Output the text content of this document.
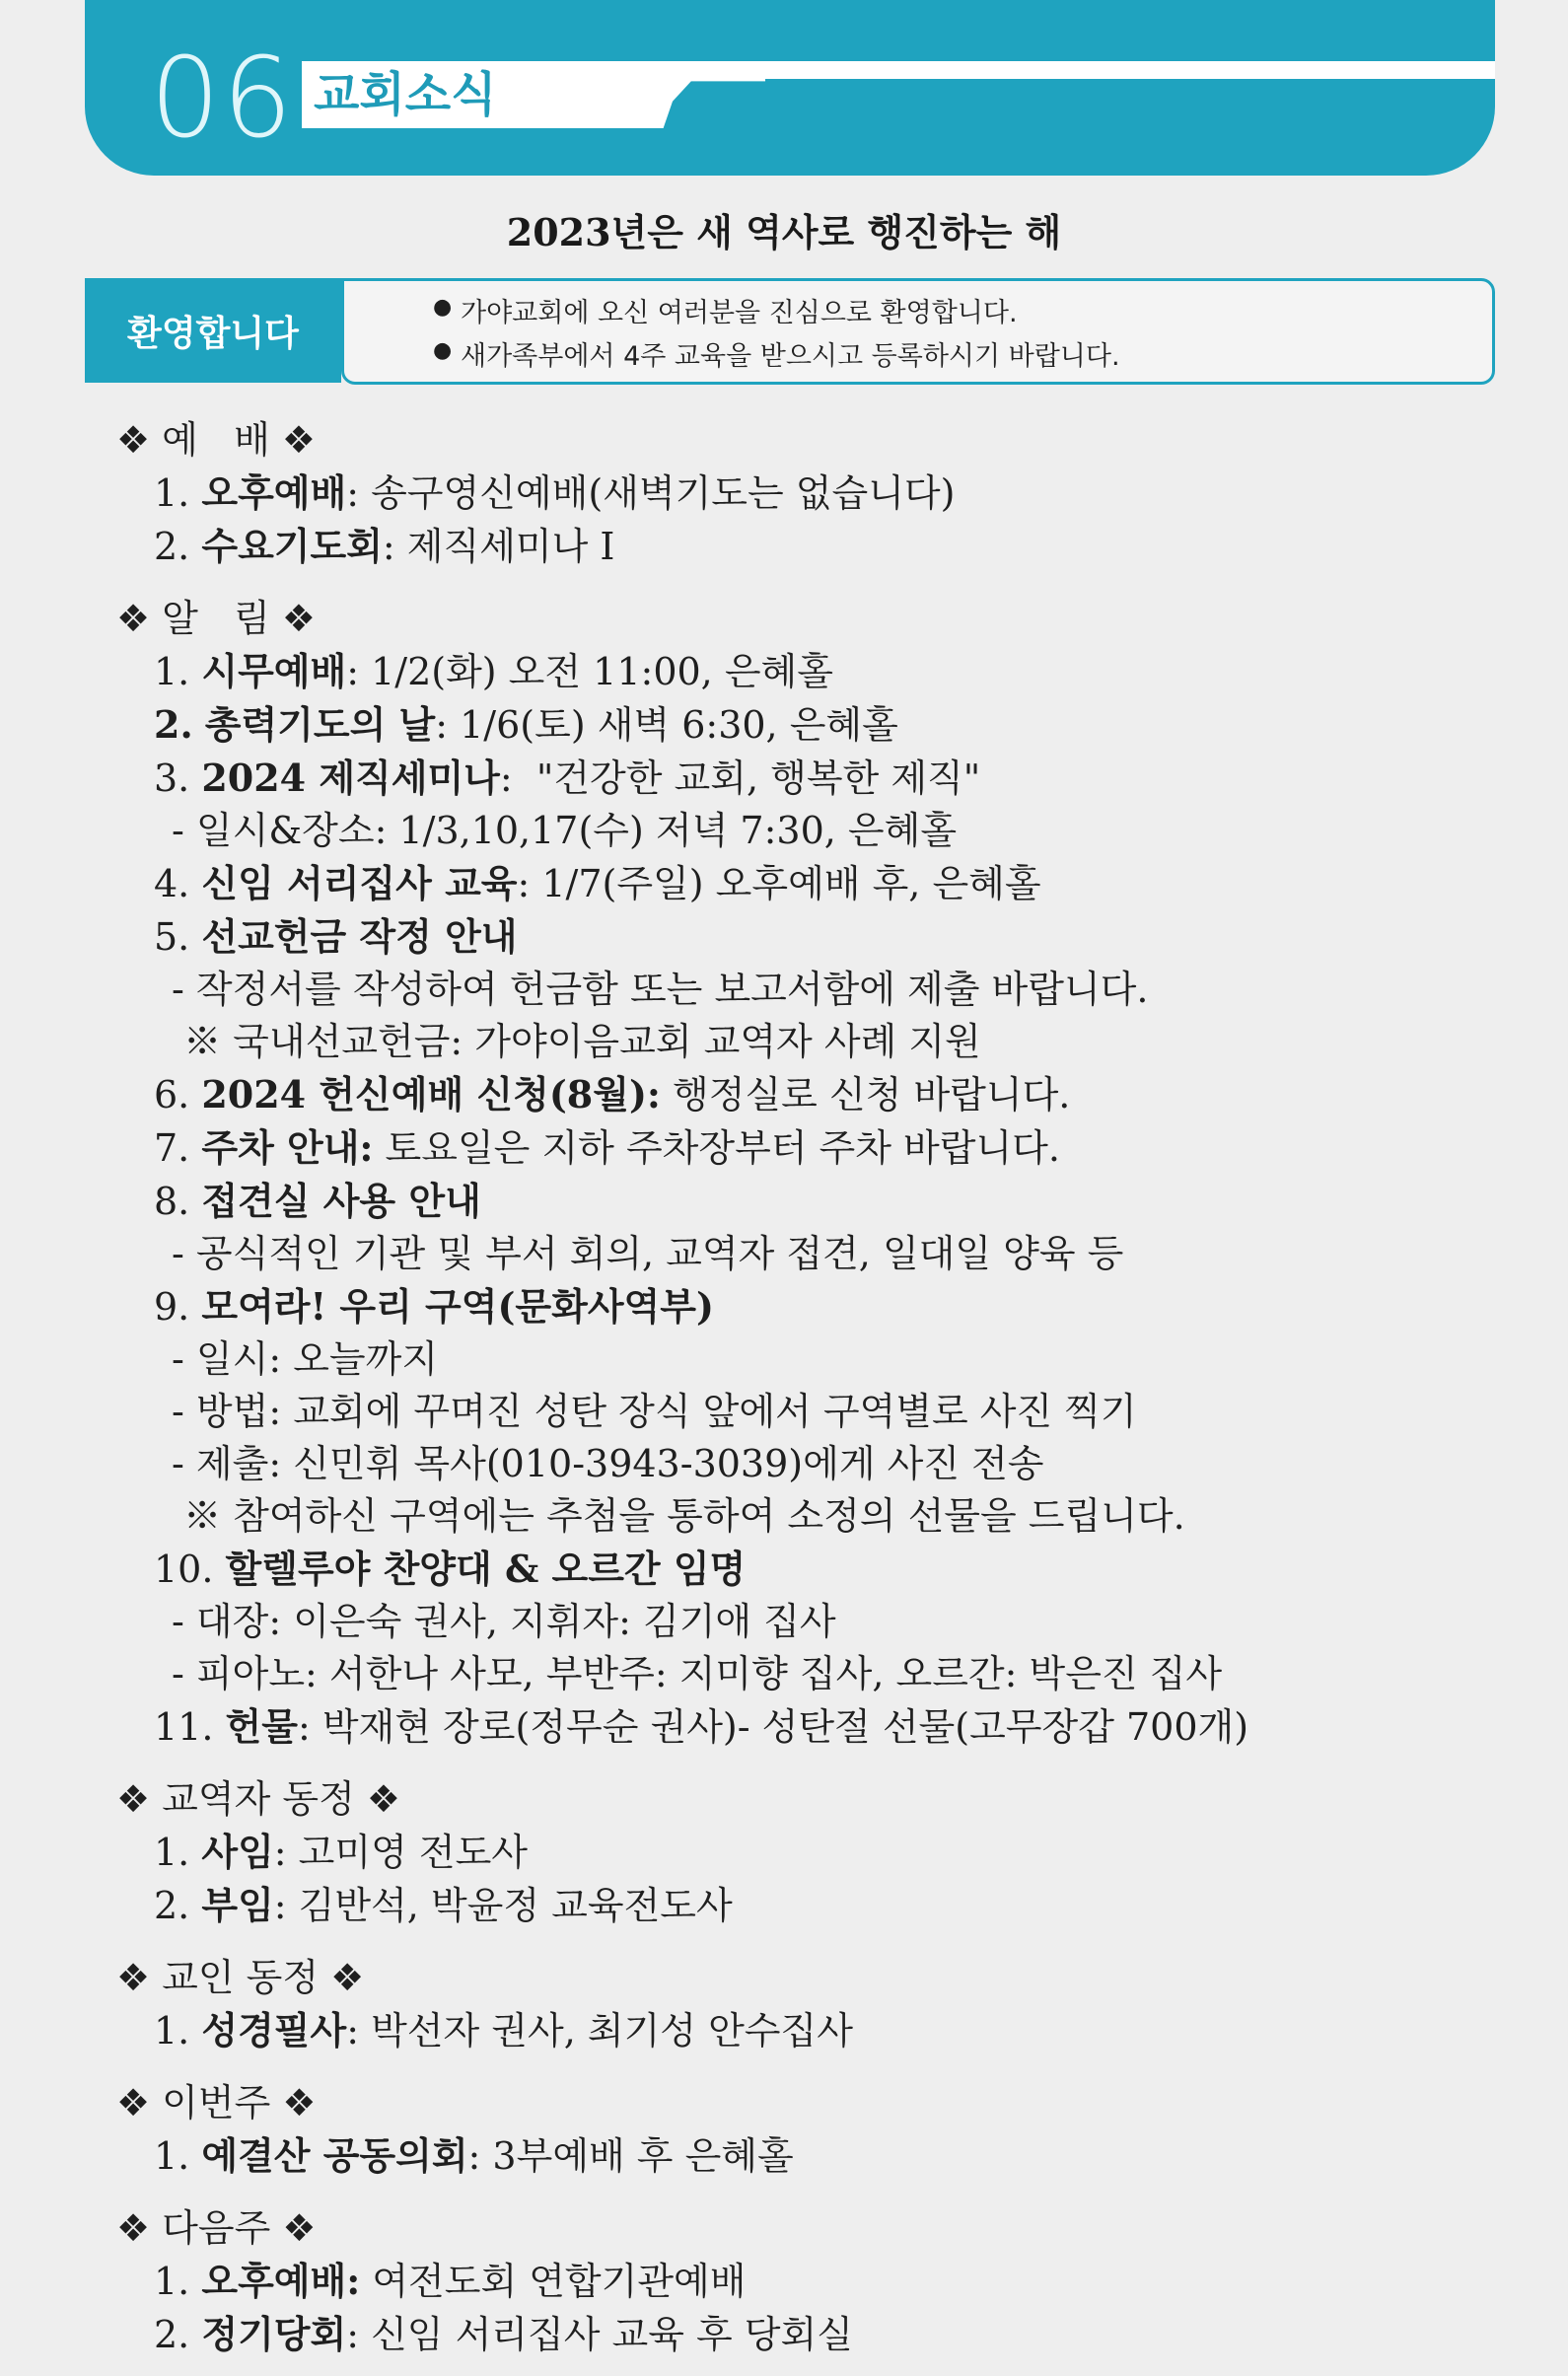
06 교회소식
2023년은 새 역사로 행진하는 해
환영합니다
● 가야교회에 오신 여러분을 진심으로 환영합니다.
● 새가족부에서 4주 교육을 받으시고 등록하시기 바랍니다.
❖ 예   배 ❖
1. 오후예배: 송구영신예배(새벽기도는 없습니다)
2. 수요기도회: 제직세미나 Ⅰ
❖ 알   림 ❖
1. 시무예배: 1/2(화) 오전 11:00, 은혜홀
2. 총력기도의 날: 1/6(토) 새벽 6:30, 은혜홀
3. 2024 제직세미나:  "건강한 교회, 행복한 제직"
- 일시&장소: 1/3,10,17(수) 저녁 7:30, 은혜홀
4. 신임 서리집사 교육: 1/7(주일) 오후예배 후, 은혜홀
5. 선교헌금 작정 안내
- 작정서를 작성하여 헌금함 또는 보고서함에 제출 바랍니다.
※ 국내선교헌금: 가야이음교회 교역자 사례 지원
6. 2024 헌신예배 신청(8월): 행정실로 신청 바랍니다.
7. 주차 안내: 토요일은 지하 주차장부터 주차 바랍니다.
8. 접견실 사용 안내
- 공식적인 기관 및 부서 회의, 교역자 접견, 일대일 양육 등
9. 모여라! 우리 구역(문화사역부)
- 일시: 오늘까지
- 방법: 교회에 꾸며진 성탄 장식 앞에서 구역별로 사진 찍기
- 제출: 신민휘 목사(010-3943-3039)에게 사진 전송
※ 참여하신 구역에는 추첨을 통하여 소정의 선물을 드립니다.
10. 할렐루야 찬양대 & 오르간 임명
- 대장: 이은숙 권사, 지휘자: 김기애 집사
- 피아노: 서한나 사모, 부반주: 지미향 집사, 오르간: 박은진 집사
11. 헌물: 박재현 장로(정무순 권사)- 성탄절 선물(고무장갑 700개)
❖ 교역자 동정 ❖
1. 사임: 고미영 전도사
2. 부임: 김반석, 박윤정 교육전도사
❖ 교인 동정 ❖
1. 성경필사: 박선자 권사, 최기성 안수집사
❖ 이번주 ❖
1. 예결산 공동의회: 3부예배 후 은혜홀
❖ 다음주 ❖
1. 오후예배: 여전도회 연합기관예배
2. 정기당회: 신임 서리집사 교육 후 당회실
